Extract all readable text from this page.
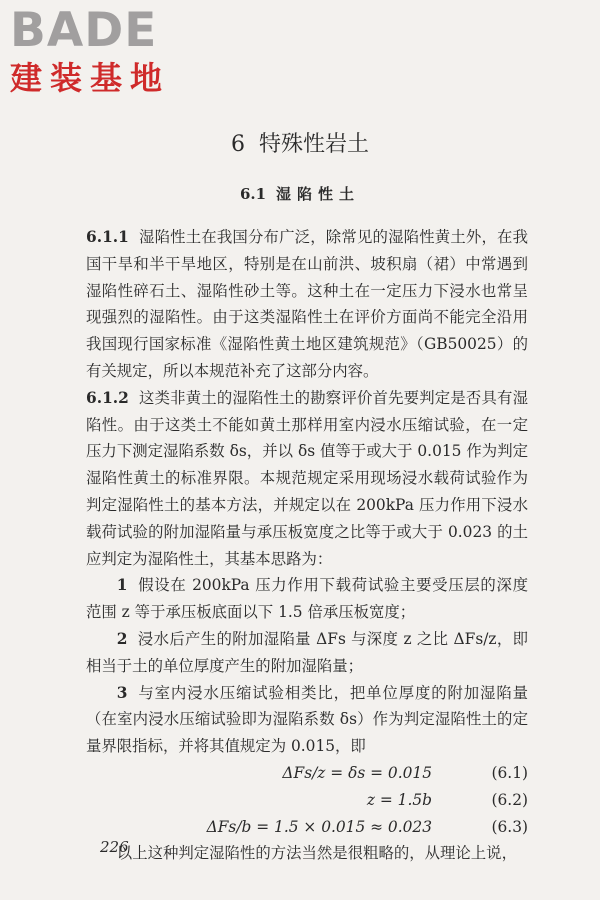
BADE
建装基地
6 特殊性岩土
6.1 湿陷性土

6.1.1 湿陷性土在我国分布广泛，除常见的湿陷性黄土外，在我国干旱和半干旱地区，特别是在山前洪、坡积扇（裙）中常遇到湿陷性碎石土、湿陷性砂土等。这种土在一定压力下浸水也常呈现强烈的湿陷性。由于这类湿陷性土在评价方面尚不能完全沿用我国现行国家标准《湿陷性黄土地区建筑规范》（GB50025）的有关规定，所以本规范补充了这部分内容。

6.1.2 这类非黄土的湿陷性土的勘察评价首先要判定是否具有湿陷性。由于这类土不能如黄土那样用室内浸水压缩试验，在一定压力下测定湿陷系数 δs，并以 δs 值等于或大于 0.015 作为判定湿陷性黄土的标准界限。本规范规定采用现场浸水载荷试验作为判定湿陷性土的基本方法，并规定以在 200kPa 压力作用下浸水载荷试验的附加湿陷量与承压板宽度之比等于或大于 0.023 的土应判定为湿陷性土，其基本思路为：

1 假设在 200kPa 压力作用下载荷试验主要受压层的深度范围 z 等于承压板底面以下 1.5 倍承压板宽度；

2 浸水后产生的附加湿陷量 ΔFs 与深度 z 之比 ΔFs/z，即相当于土的单位厚度产生的附加湿陷量；

3 与室内浸水压缩试验相类比，把单位厚度的附加湿陷量（在室内浸水压缩试验即为湿陷系数 δs）作为判定湿陷性土的定量界限指标，并将其值规定为 0.015，即

ΔFs/z = δs = 0.015	(6.1)
z = 1.5b	(6.2)
ΔFs/b = 1.5 × 0.015 ≈ 0.023	(6.3)

以上这种判定湿陷性的方法当然是很粗略的，从理论上说，

226
